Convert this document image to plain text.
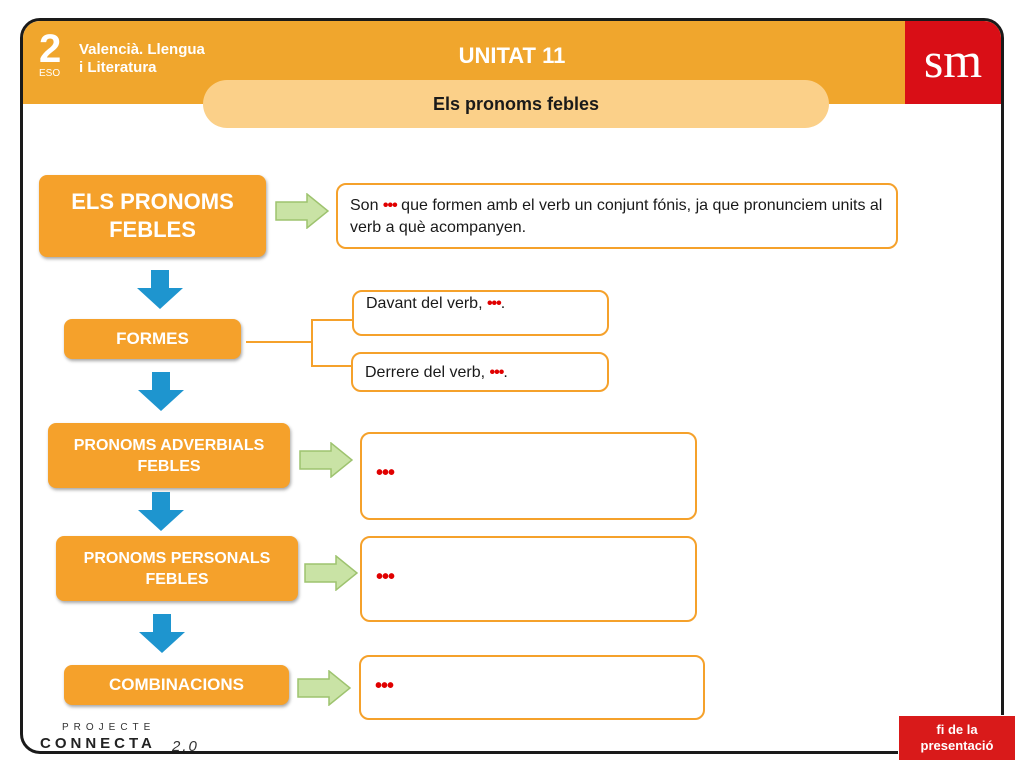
2
ESO
Valencià. Llengua
i Literatura	UNITAT 11	sm
Els pronoms febles
ELS PRONOMS FEBLES
Son ••• que formen amb el verb un conjunt fónis, ja que pronunciem units al verb a què acompanyen.
FORMES
Davant del verb, •••.
Derrere del verb, •••.
PRONOMS ADVERBIALS FEBLES	•••
PRONOMS PERSONALS FEBLES	•••
COMBINACIONS	•••
PROJECTE
CONNECTA 2.0
fi de la presentació
